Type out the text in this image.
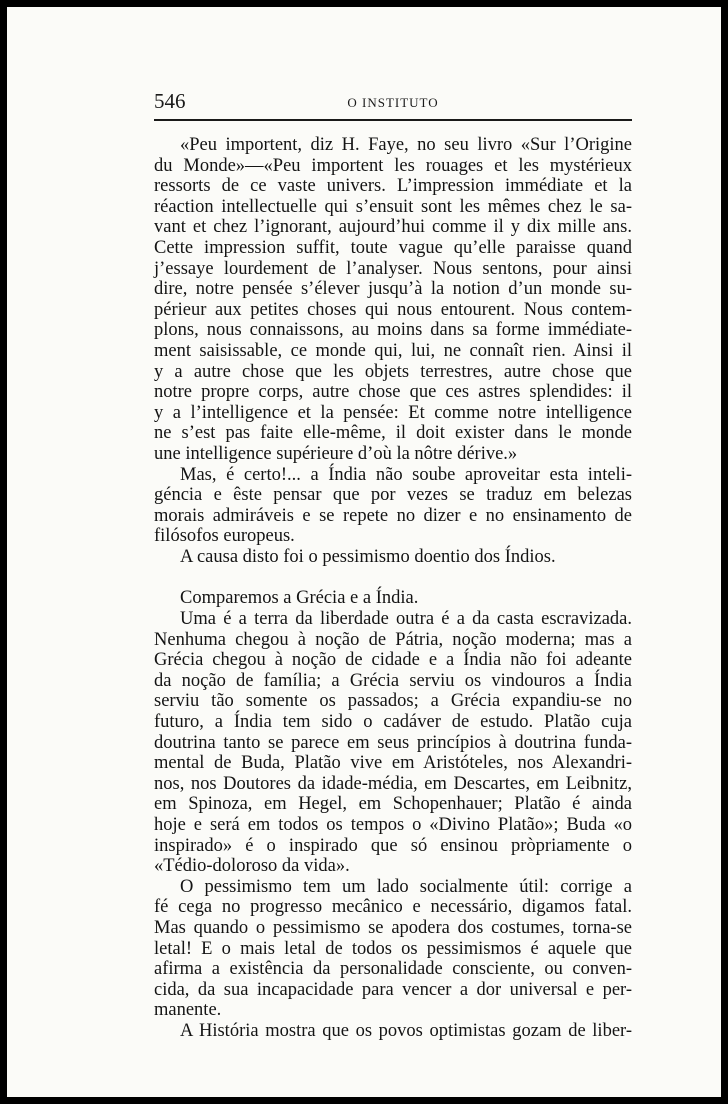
546	O INSTITUTO
«Peu importent, diz H. Faye, no seu livro «Sur l’Origine
du Monde»—«Peu importent les rouages et les mystérieux
ressorts de ce vaste univers. L’impression immédiate et la
réaction intellectuelle qui s’ensuit sont les mêmes chez le sa-
vant et chez l’ignorant, aujourd’hui comme il y dix mille ans.
Cette impression suffit, toute vague qu’elle paraisse quand
j’essaye lourdement de l’analyser. Nous sentons, pour ainsi
dire, notre pensée s’élever jusqu’à la notion d’un monde su-
périeur aux petites choses qui nous entourent. Nous contem-
plons, nous connaissons, au moins dans sa forme immédiate-
ment saisissable, ce monde qui, lui, ne connaît rien. Ainsi il
y a autre chose que les objets terrestres, autre chose que
notre propre corps, autre chose que ces astres splendides: il
y a l’intelligence et la pensée: Et comme notre intelligence
ne s’est pas faite elle-même, il doit exister dans le monde
une intelligence supérieure d’où la nôtre dérive.»
Mas, é certo!... a Índia não soube aproveitar esta inteli-
géncia e êste pensar que por vezes se traduz em belezas
morais admiráveis e se repete no dizer e no ensinamento de
filósofos europeus.
A causa disto foi o pessimismo doentio dos Índios.
Comparemos a Grécia e a Índia.
Uma é a terra da liberdade outra é a da casta escravizada.
Nenhuma chegou à noção de Pátria, noção moderna; mas a
Grécia chegou à noção de cidade e a Índia não foi adeante
da noção de família; a Grécia serviu os vindouros a Índia
serviu tão somente os passados; a Grécia expandiu-se no
futuro, a Índia tem sido o cadáver de estudo. Platão cuja
doutrina tanto se parece em seus princípios à doutrina funda-
mental de Buda, Platão vive em Aristóteles, nos Alexandri-
nos, nos Doutores da idade-média, em Descartes, em Leibnitz,
em Spinoza, em Hegel, em Schopenhauer; Platão é ainda
hoje e será em todos os tempos o «Divino Platão»; Buda «o
inspirado» é o inspirado que só ensinou pròpriamente o
«Tédio-doloroso da vida».
O pessimismo tem um lado socialmente útil: corrige a
fé cega no progresso mecânico e necessário, digamos fatal.
Mas quando o pessimismo se apodera dos costumes, torna-se
letal! E o mais letal de todos os pessimismos é aquele que
afirma a existência da personalidade consciente, ou conven-
cida, da sua incapacidade para vencer a dor universal e per-
manente.
A História mostra que os povos optimistas gozam de liber-
